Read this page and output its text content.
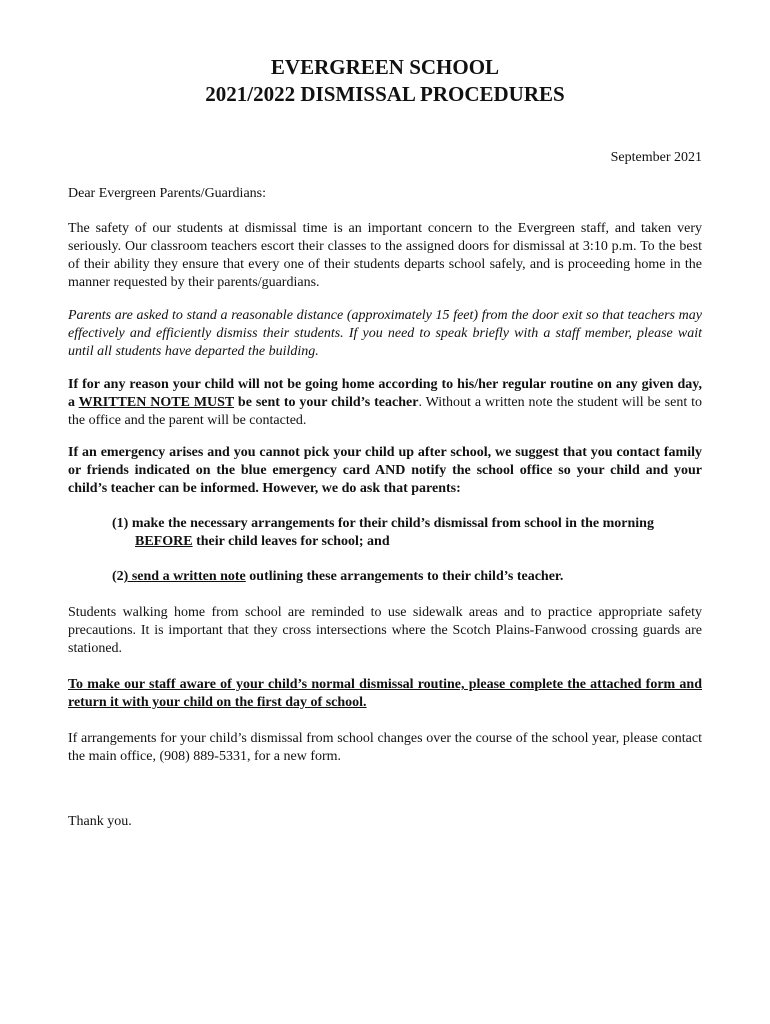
EVERGREEN SCHOOL
2021/2022 DISMISSAL PROCEDURES
September 2021
Dear Evergreen Parents/Guardians:

The safety of our students at dismissal time is an important concern to the Evergreen staff, and taken very seriously. Our classroom teachers escort their classes to the assigned doors for dismissal at 3:10 p.m. To the best of their ability they ensure that every one of their students departs school safely, and is proceeding home in the manner requested by their parents/guardians.

Parents are asked to stand a reasonable distance (approximately 15 feet) from the door exit so that teachers may effectively and efficiently dismiss their students. If you need to speak briefly with a staff member, please wait until all students have departed the building.

If for any reason your child will not be going home according to his/her regular routine on any given day, a WRITTEN NOTE MUST be sent to your child’s teacher. Without a written note the student will be sent to the office and the parent will be contacted.

If an emergency arises and you cannot pick your child up after school, we suggest that you contact family or friends indicated on the blue emergency card AND notify the school office so your child and your child’s teacher can be informed. However, we do ask that parents:

(1) make the necessary arrangements for their child’s dismissal from school in the morning
BEFORE their child leaves for school; and
(2) send a written note outlining these arrangements to their child’s teacher.

Students walking home from school are reminded to use sidewalk areas and to practice appropriate safety precautions. It is important that they cross intersections where the Scotch Plains-Fanwood crossing guards are stationed.

To make our staff aware of your child’s normal dismissal routine, please complete the attached form and return it with your child on the first day of school.

If arrangements for your child’s dismissal from school changes over the course of the school year, please contact the main office, (908) 889-5331, for a new form.

Thank you.
